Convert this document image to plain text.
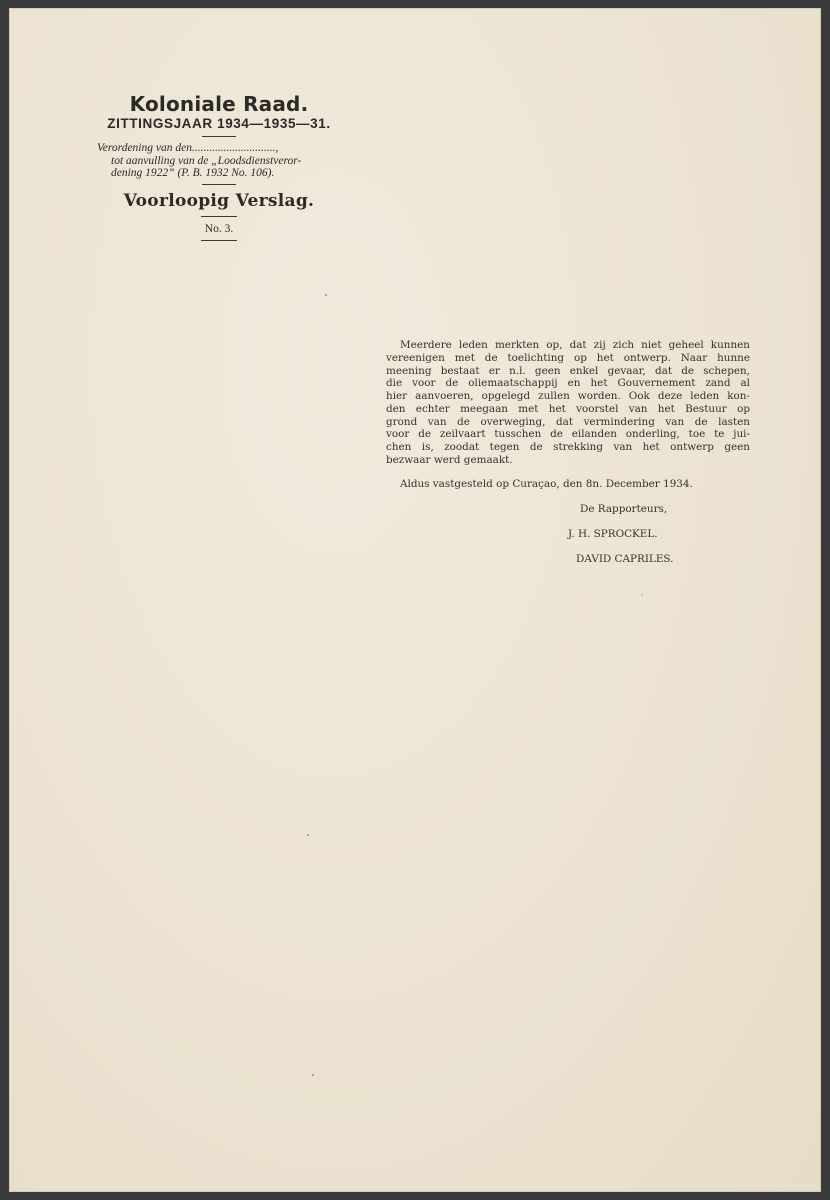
Koloniale Raad.
ZITTINGSJAAR 1934—1935—31.
Verordening van den.............................,
tot aanvulling van de „Loodsdienstveror-
dening 1922” (P. B. 1932 No. 106).
Voorloopig Verslag.
No. 3.
Meerdere leden merkten op, dat zij zich niet geheel kunnen
vereenigen met de toelichting op het ontwerp. Naar hunne
meening bestaat er n.l. geen enkel gevaar, dat de schepen,
die voor de oliemaatschappij en het Gouvernement zand al
hier aanvoeren, opgelegd zullen worden. Ook deze leden kon-
den echter meegaan met het voorstel van het Bestuur op
grond van de overweging, dat vermindering van de lasten
voor de zeilvaart tusschen de eilanden onderling, toe te jui-
chen is, zoodat tegen de strekking van het ontwerp geen
bezwaar werd gemaakt.
Aldus vastgesteld op Curaçao, den 8n. December 1934.
De Rapporteurs,
J. H. SPROCKEL.
DAVID CAPRILES.
